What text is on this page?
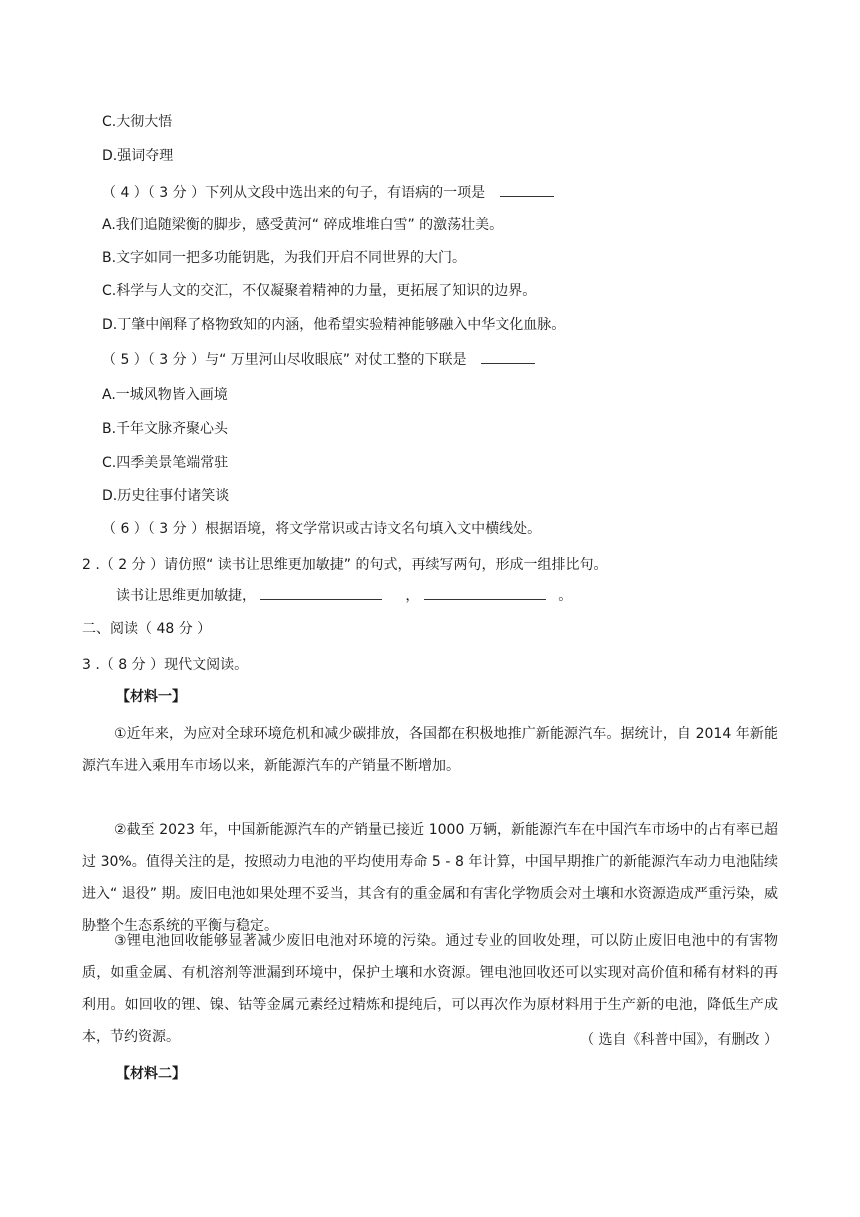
C.大彻大悟
D.强词夺理
（ 4 ）（ 3 分 ）下列从文段中选出来的句子，有语病的一项是
A.我们追随梁衡的脚步，感受黄河“ 碎成堆堆白雪” 的激荡壮美。
B.文字如同一把多功能钥匙，为我们开启不同世界的大门。
C.科学与人文的交汇，不仅凝聚着精神的力量，更拓展了知识的边界。
D.丁肇中阐释了格物致知的内涵，他希望实验精神能够融入中华文化血脉。
（ 5 ）（ 3 分 ）与“ 万里河山尽收眼底” 对仗工整的下联是
A.一城风物皆入画境
B.千年文脉齐聚心头
C.四季美景笔端常驻
D.历史往事付诸笑谈
（ 6 ）（ 3 分 ）根据语境，将文学常识或古诗文名句填入文中横线处。
2 .（ 2 分 ）请仿照“ 读书让思维更加敏捷” 的句式，再续写两句，形成一组排比句。
读书让思维更加敏捷，	，	。
二、阅读（ 48 分 ）
3 .（ 8 分 ）现代文阅读。
【材料一】
①近年来，为应对全球环境危机和减少碳排放，各国都在积极地推广新能源汽车。据统计，自 2014 年新能源汽车进入乘用车市场以来，新能源汽车的产销量不断增加。
②截至 2023 年，中国新能源汽车的产销量已接近 1000 万辆，新能源汽车在中国汽车市场中的占有率已超过 30%。值得关注的是，按照动力电池的平均使用寿命 5 - 8 年计算，中国早期推广的新能源汽车动力电池陆续进入“ 退役” 期。废旧电池如果处理不妥当，其含有的重金属和有害化学物质会对土壤和水资源造成严重污染，威胁整个生态系统的平衡与稳定。
③锂电池回收能够显著减少废旧电池对环境的污染。通过专业的回收处理，可以防止废旧电池中的有害物质，如重金属、有机溶剂等泄漏到环境中，保护土壤和水资源。锂电池回收还可以实现对高价值和稀有材料的再利用。如回收的锂、镍、钴等金属元素经过精炼和提纯后，可以再次作为原材料用于生产新的电池，降低生产成本，节约资源。	（ 选自《科普中国》，有删改 ）
【材料二】
